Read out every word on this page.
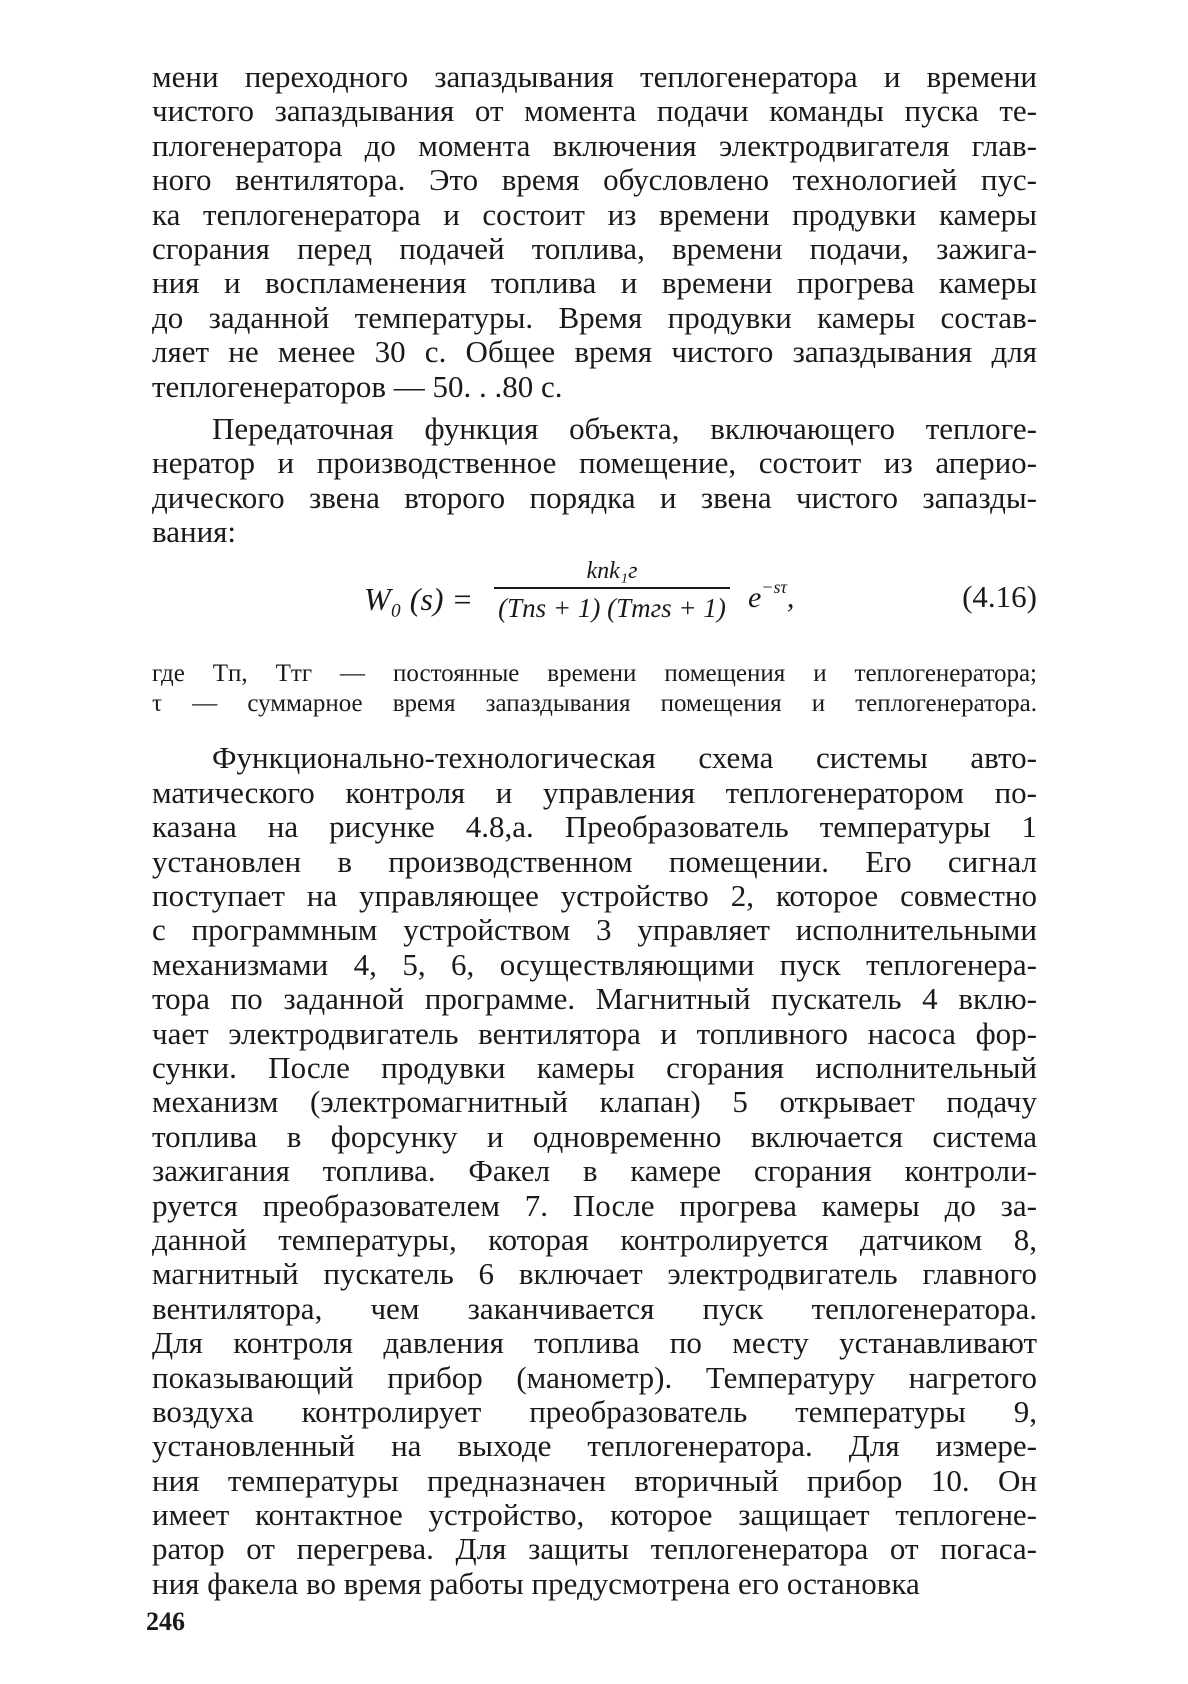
мени переходного запаздывания теплогенератора и времени
чистого запаздывания от момента подачи команды пуска те-
плогенератора до момента включения электродвигателя глав-
ного вентилятора. Это время обусловлено технологией пус-
ка теплогенератора и состоит из времени продувки камеры
сгорания перед подачей топлива, времени подачи, зажига-
ния и воспламенения топлива и времени прогрева камеры
до заданной температуры. Время продувки камеры состав-
ляет не менее 30 с. Общее время чистого запаздывания для
теплогенераторов — 50. . .80 с.
Передаточная функция объекта, включающего теплоге-
нератор и производственное помещение, состоит из аперио-
дического звена второго порядка и звена чистого запазды-
вания:
W₀ (s) =
kпk₁г
(Tпs + 1) (Tтгs + 1) $e^{-s\tau}$,	(4.16)
где Tп, Tтг — постоянные времени помещения и теплогенератора;
τ — суммарное время запаздывания помещения и теплогенератора.
Функционально-технологическая схема системы авто-
матического контроля и управления теплогенератором по-
казана на рисунке 4.8,а. Преобразователь температуры 1
установлен в производственном помещении. Его сигнал
поступает на управляющее устройство 2, которое совместно
с программным устройством 3 управляет исполнительными
механизмами 4, 5, 6, осуществляющими пуск теплогенера-
тора по заданной программе. Магнитный пускатель 4 вклю-
чает электродвигатель вентилятора и топливного насоса фор-
сунки. После продувки камеры сгорания исполнительный
механизм (электромагнитный клапан) 5 открывает подачу
топлива в форсунку и одновременно включается система
зажигания топлива. Факел в камере сгорания контроли-
руется преобразователем 7. После прогрева камеры до за-
данной температуры, которая контролируется датчиком 8,
магнитный пускатель 6 включает электродвигатель главного
вентилятора, чем заканчивается пуск теплогенератора.
Для контроля давления топлива по месту устанавливают
показывающий прибор (манометр). Температуру нагретого
воздуха контролирует преобразователь температуры 9,
установленный на выходе теплогенератора. Для измере-
ния температуры предназначен вторичный прибор 10. Он
имеет контактное устройство, которое защищает теплогене-
ратор от перегрева. Для защиты теплогенератора от погаса-
ния факела во время работы предусмотрена его остановка
246
